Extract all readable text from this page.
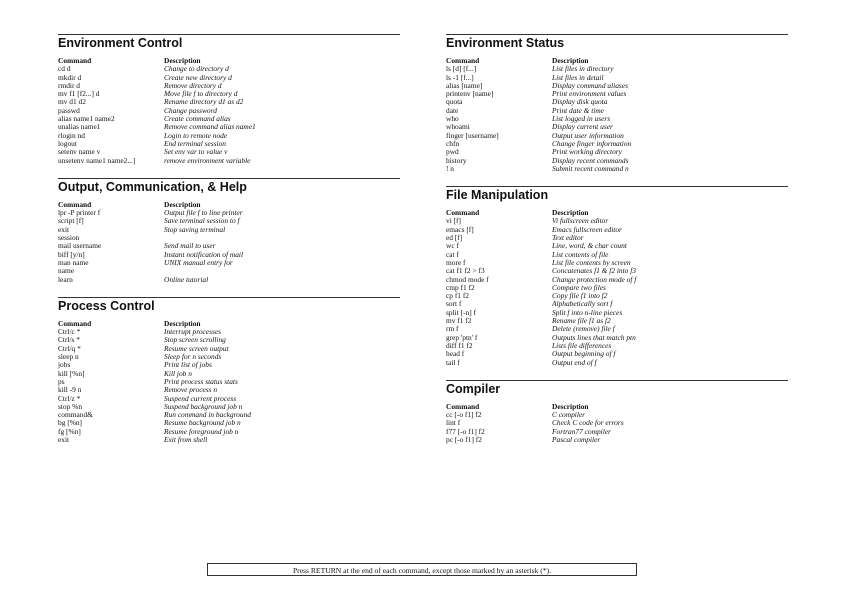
Environment Control
Command	Description
cd d	Change to directory d
mkdir d	Create new directory d
rmdir d	Remove directory d
mv f1 [f2...] d	Move file f to directory d
mv d1 d2	Rename directory d1 as d2
passwd	Change password
alias name1 name2	Create command alias
unalias name1	Remove command alias name1
rlogin nd	Login to remote node
logout	End terminal session
setenv name v	Set env var to value v
unsetenv name1 name2...]	remove environment variable
Output, Communication, & Help
Command	Description
lpr -P printer f	Output file f to line printer
script [f]	Save terminal session to f
exit	Stop saving terminal
session
mail username	Send mail to user
biff [y/n]	Instant notification of mail
man name	UNIX manual entry for
name
learn	Online tutorial
Process Control
Command	Description
Ctrl/c *	Interrupt processes
Ctrl/s *	Stop screen scrolling
Ctrl/q *	Resume screen output
sleep n	Sleep for n seconds
jobs	Print list of jobs
kill [%n]	Kill job n
ps	Print process status stats
kill -9 n	Remove process n
Ctrl/z *	Suspend current process
stop %n	Suspend background job n
command&	Run command in background
bg [%n]	Resume background job n
fg [%n]	Resume foreground job n
exit	Exit from shell
Environment Status
Command	Description
ls [d] [f...]	List files in directory
ls -1 [f...]	List files in detail
alias [name]	Display command aliases
printenv [name]	Print environment values
quota	Display disk quota
date	Print date & time
who	List logged in users
whoami	Display current user
finger [username]	Output user information
chfn	Change finger information
pwd	Print working directory
history	Display recent commands
! n	Submit recent command n
File Manipulation
Command	Description
vi [f]	Vi fullscreen editor
emacs [f]	Emacs fullscreen editor
ed [f]	Text editor
wc f	Line, word, & char count
cat f	List contents of file
more f	List file contents by screen
cat f1 f2 > f3	Concatenates f1 & f2 into f3
chmod mode f	Change protection mode of f
cmp f1 f2	Compare two files
cp f1 f2	Copy file f1 into f2
sort f	Alphabetically sort f
split [-n] f	Split f into n-line pieces
mv f1 f2	Rename file f1 as f2
rm f	Delete (remove) file f
grep 'ptn' f	Outputs lines that match ptn
diff f1 f2	Lists file differences
head f	Output beginning of f
tail f	Output end of f
Compiler
Command	Description
cc [-o f1] f2	C compiler
lint f	Check C code for errors
f77 [-o f1] f2	Fortran77 compiler
pc [-o f1] f2	Pascal compiler
Press RETURN at the end of each command, except those marked by an asterisk (*).
